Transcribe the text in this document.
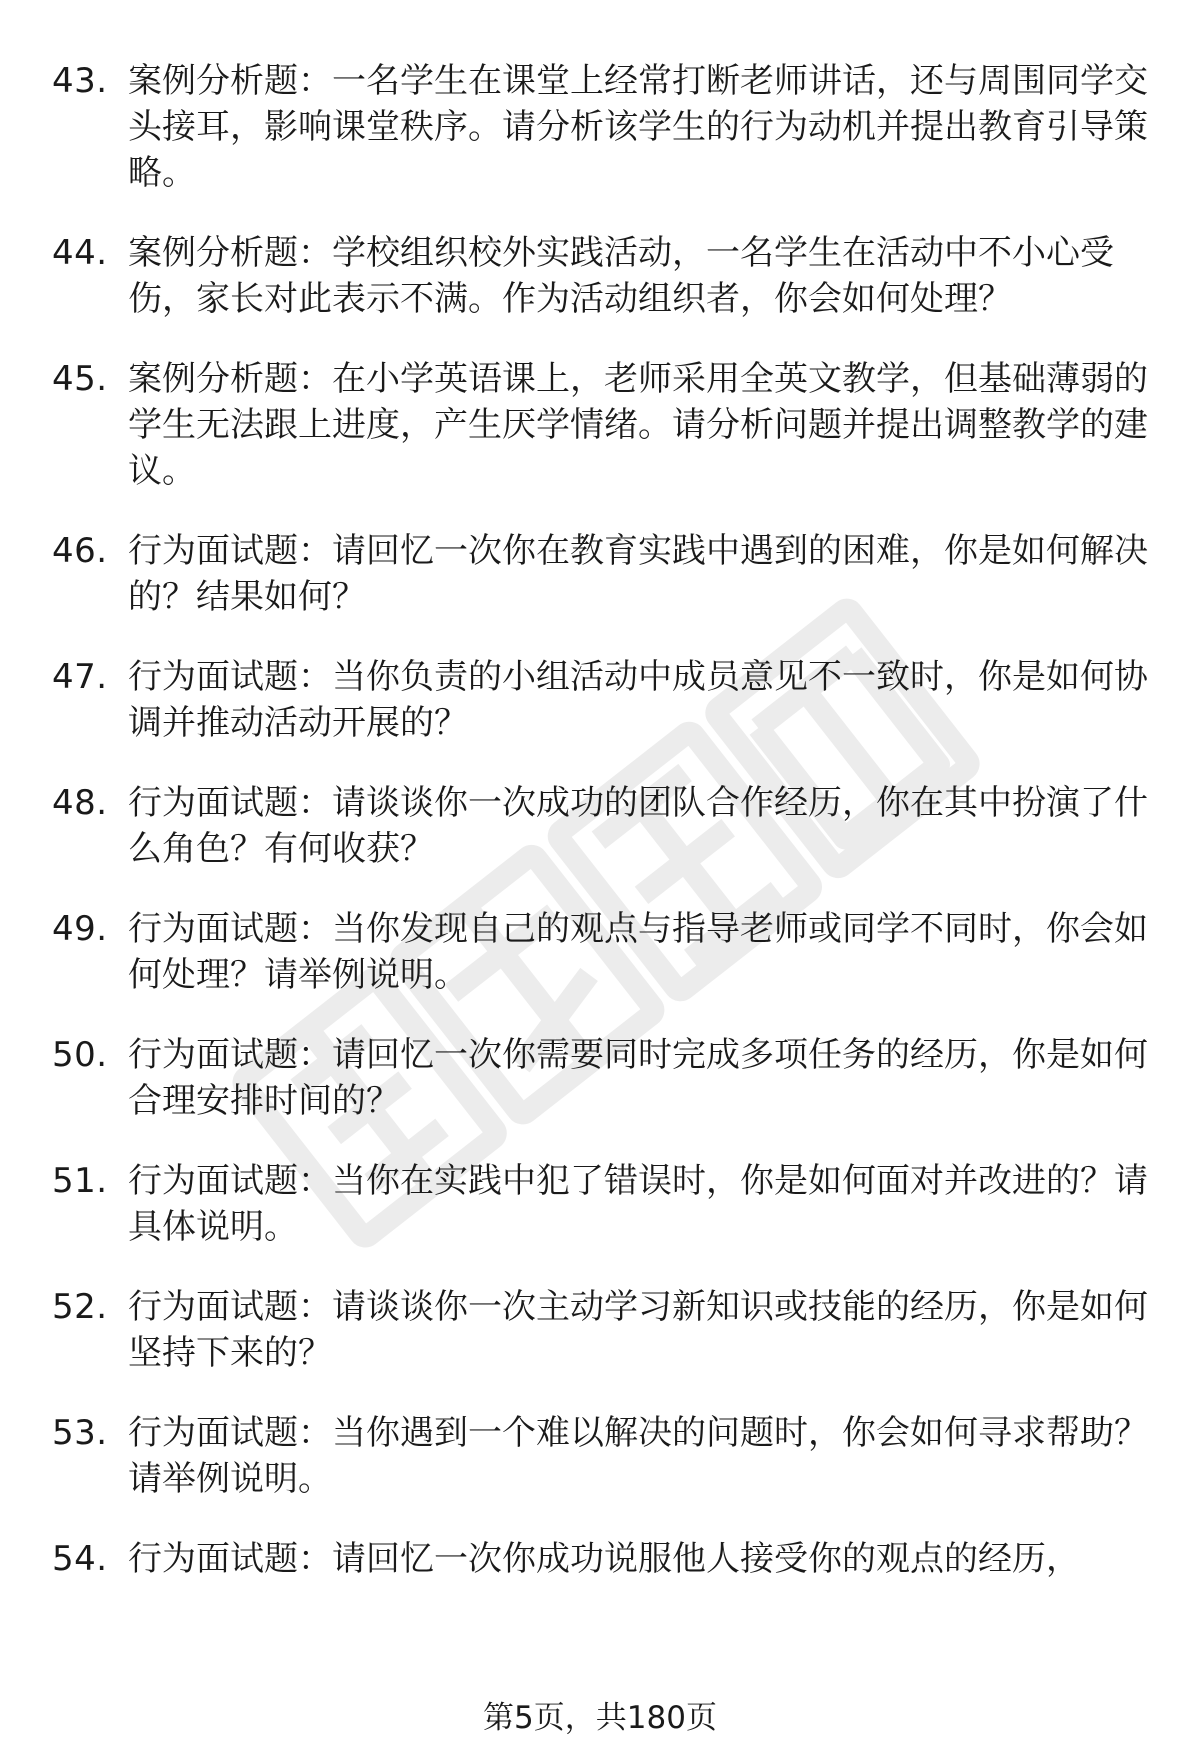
43. 案例分析题：一名学生在课堂上经常打断老师讲话，还与周围同学交头接耳，影响课堂秩序。请分析该学生的行为动机并提出教育引导策略。
44. 案例分析题：学校组织校外实践活动，一名学生在活动中不小心受伤，家长对此表示不满。作为活动组织者，你会如何处理？
45. 案例分析题：在小学英语课上，老师采用全英文教学，但基础薄弱的学生无法跟上进度，产生厌学情绪。请分析问题并提出调整教学的建议。
46. 行为面试题：请回忆一次你在教育实践中遇到的困难，你是如何解决的？结果如何？
47. 行为面试题：当你负责的小组活动中成员意见不一致时，你是如何协调并推动活动开展的？
48. 行为面试题：请谈谈你一次成功的团队合作经历，你在其中扮演了什么角色？有何收获？
49. 行为面试题：当你发现自己的观点与指导老师或同学不同时，你会如何处理？请举例说明。
50. 行为面试题：请回忆一次你需要同时完成多项任务的经历，你是如何合理安排时间的？
51. 行为面试题：当你在实践中犯了错误时，你是如何面对并改进的？请具体说明。
52. 行为面试题：请谈谈你一次主动学习新知识或技能的经历，你是如何坚持下来的？
53. 行为面试题：当你遇到一个难以解决的问题时，你会如何寻求帮助？请举例说明。
54. 行为面试题：请回忆一次你成功说服他人接受你的观点的经历，
第5页，共180页
